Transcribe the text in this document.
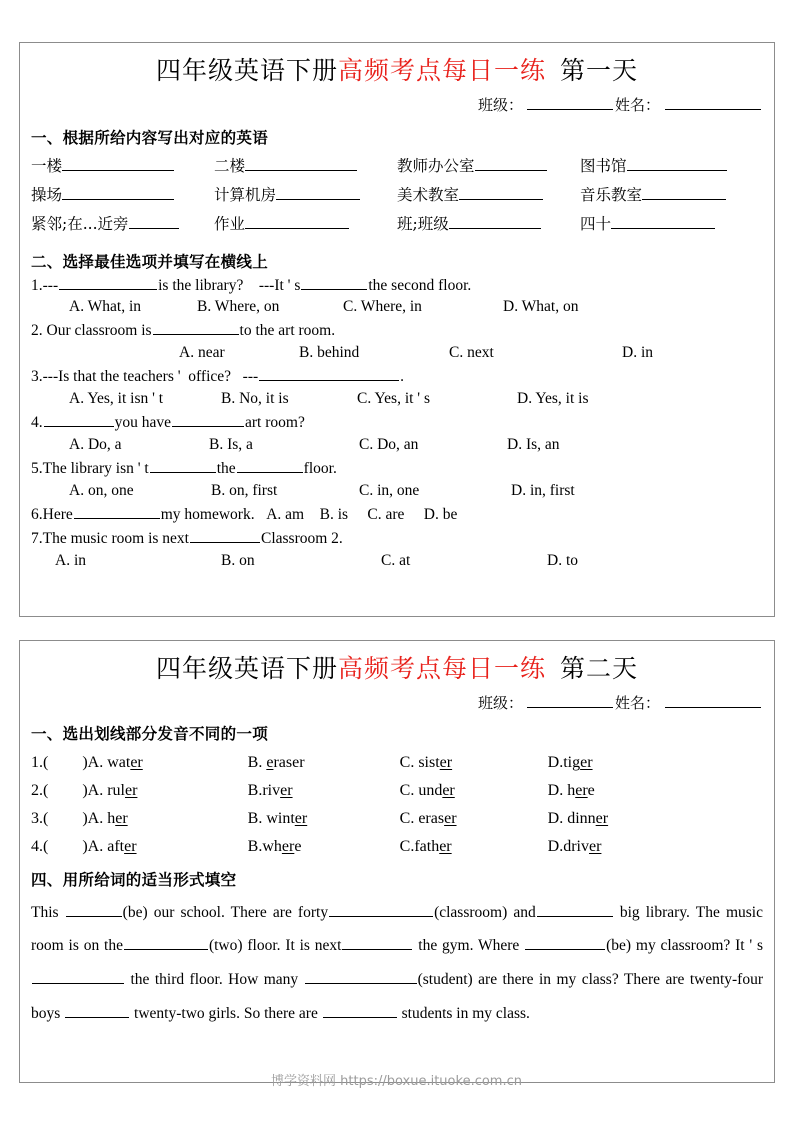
四年级英语下册高频考点每日一练 第一天
班级：	姓名：
一、根据所给内容写出对应的英语
一楼	二楼	教师办公室	图书馆
操场	计算机房	美术教室	音乐教室
紧邻;在...近旁	作业	班;班级	四十
二、选择最佳选项并填写在横线上
1.---	is the library?    ---It ' s	the second floor.
A. What, in	B. Where, on	C. Where, in	D. What, on
2. Our classroom is	to the art room.
A. near	B. behind	C. next	D. in
3.---Is that the teachers '  office?   ---	.
A. Yes, it isn ' t	B. No, it is	C. Yes, it ' s	D. Yes, it is
4.	you have	art room?
A. Do, a	B. Is, a	C. Do, an	D. Is, an
5.The library isn ' t	the	floor.
A. on, one	B. on, first	C. in, one	D. in, first
6.Here	my homework.   A. am    B. is     C. are     D. be
7.The music room is next	Classroom 2.
A. in	B. on	C. at	D. to
四年级英语下册高频考点每日一练 第二天
班级：	姓名：
一、选出划线部分发音不同的一项
1.( ) A. water	B. eraser	C. sister	D.tiger
2.( ) A. ruler	B.river	C. under	D. here
3.( ) A. her	B. winter	C. eraser	D. dinner
4.( ) A. after	B.where	C.father	D.driver
四、用所给词的适当形式填空
This	(be) our school. There are forty	(classroom) and	big library. The music room is on the	(two) floor. It is next	the gym. Where	(be) my classroom? It ' s the third floor. How many	(student) are there in my class? There are twenty-four boys	twenty-two girls. So there are	students in my class.
博学资料网 https://boxue.ituoke.com.cn
